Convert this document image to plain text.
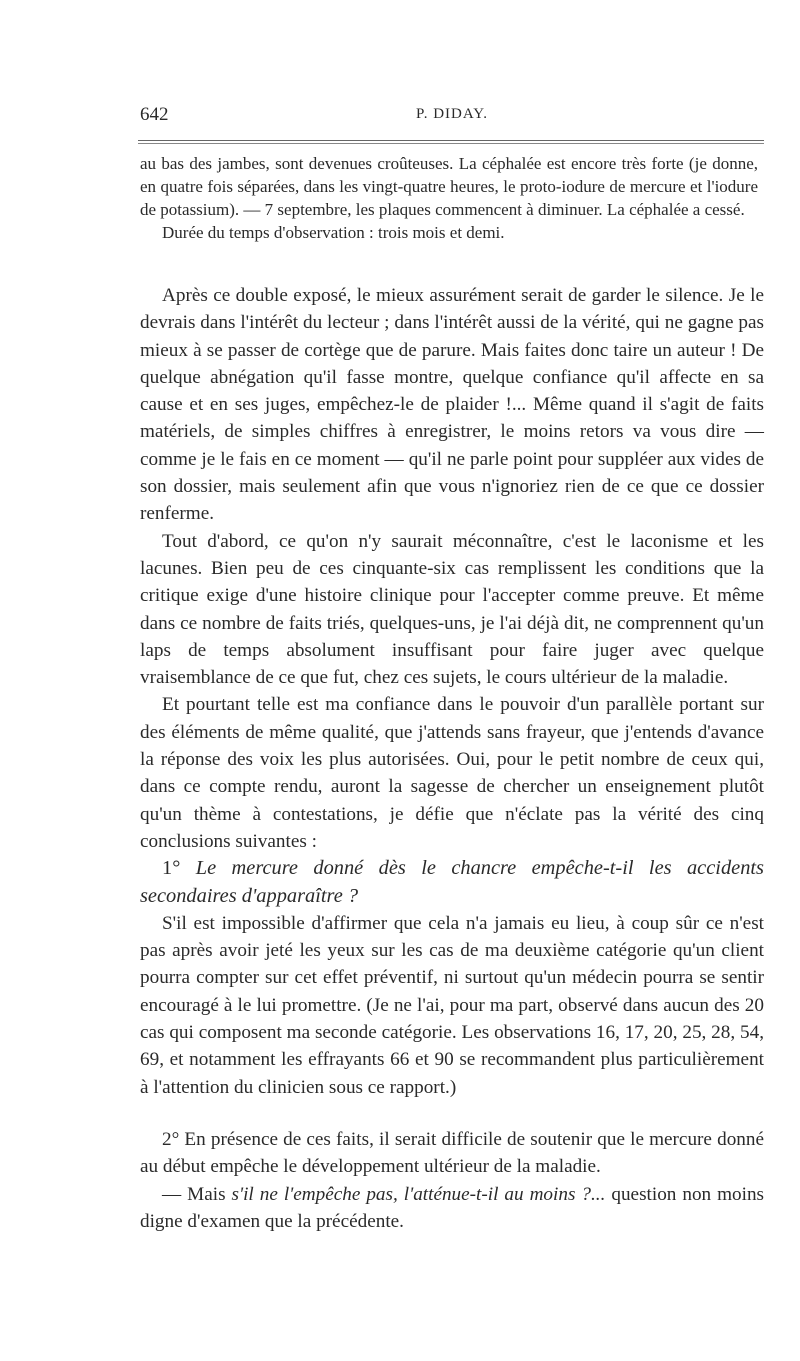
642	P. DIDAY.

au bas des jambes, sont devenues croûteuses. La céphalée est encore très forte (je donne, en quatre fois séparées, dans les vingt-quatre heures, le proto-iodure de mercure et l'iodure de potassium). — 7 septembre, les plaques commencent à diminuer. La céphalée a cessé.

Durée du temps d'observation : trois mois et demi.

Après ce double exposé, le mieux assurément serait de garder le silence. Je le devrais dans l'intérêt du lecteur ; dans l'intérêt aussi de la vérité, qui ne gagne pas mieux à se passer de cortège que de parure. Mais faites donc taire un auteur ! De quelque abnégation qu'il fasse montre, quelque confiance qu'il affecte en sa cause et en ses juges, empêchez-le de plaider !... Même quand il s'agit de faits matériels, de simples chiffres à enregistrer, le moins retors va vous dire — comme je le fais en ce moment — qu'il ne parle point pour suppléer aux vides de son dossier, mais seulement afin que vous n'ignoriez rien de ce que ce dossier renferme.

Tout d'abord, ce qu'on n'y saurait méconnaître, c'est le laconisme et les lacunes. Bien peu de ces cinquante-six cas remplissent les conditions que la critique exige d'une histoire clinique pour l'accepter comme preuve. Et même dans ce nombre de faits triés, quelques-uns, je l'ai déjà dit, ne comprennent qu'un laps de temps absolument insuffisant pour faire juger avec quelque vraisemblance de ce que fut, chez ces sujets, le cours ultérieur de la maladie.

Et pourtant telle est ma confiance dans le pouvoir d'un parallèle portant sur des éléments de même qualité, que j'attends sans frayeur, que j'entends d'avance la réponse des voix les plus autorisées. Oui, pour le petit nombre de ceux qui, dans ce compte rendu, auront la sagesse de chercher un enseignement plutôt qu'un thème à contestations, je défie que n'éclate pas la vérité des cinq conclusions suivantes :

1° Le mercure donné dès le chancre empêche-t-il les accidents secondaires d'apparaître ?

S'il est impossible d'affirmer que cela n'a jamais eu lieu, à coup sûr ce n'est pas après avoir jeté les yeux sur les cas de ma deuxième catégorie qu'un client pourra compter sur cet effet préventif, ni surtout qu'un médecin pourra se sentir encouragé à le lui promettre. (Je ne l'ai, pour ma part, observé dans aucun des 20 cas qui composent ma seconde catégorie. Les observations 16, 17, 20, 25, 28, 54, 69, et notamment les effrayants 66 et 90 se recommandent plus particulièrement à l'attention du clinicien sous ce rapport.)

2° En présence de ces faits, il serait difficile de soutenir que le mercure donné au début empêche le développement ultérieur de la maladie.

— Mais s'il ne l'empêche pas, l'atténue-t-il au moins ?... question non moins digne d'examen que la précédente.
